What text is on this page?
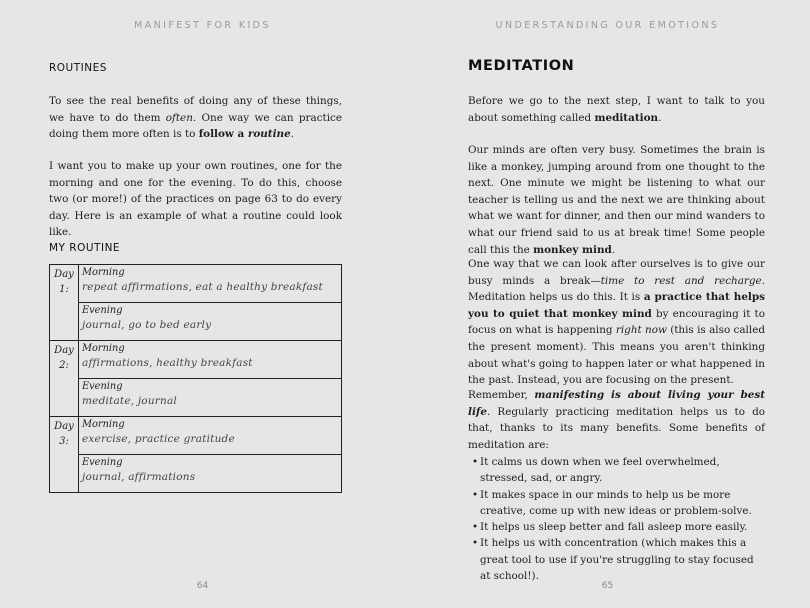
MANIFEST FOR KIDS
ROUTINES

To see the real benefits of doing any of these things, we have to do them often. One way we can practice doing them more often is to follow a routine.

I want you to make up your own routines, one for the morning and one for the evening. To do this, choose two (or more!) of the practices on page 63 to do every day. Here is an example of what a routine could look like.

MY ROUTINE
Day
1:
Morning
repeat affirmations, eat a healthy breakfast
Evening
journal, go to bed early
Day
2:
Morning
affirmations, healthy breakfast
Evening
meditate, journal
Day
3:
Morning
exercise, practice gratitude
Evening
journal, affirmations
64
UNDERSTANDING OUR EMOTIONS
MEDITATION

Before we go to the next step, I want to talk to you about something called meditation.

Our minds are often very busy. Sometimes the brain is like a monkey, jumping around from one thought to the next. One minute we might be listening to what our teacher is telling us and the next we are thinking about what we want for dinner, and then our mind wanders to what our friend said to us at break time! Some people call this the monkey mind.

One way that we can look after ourselves is to give our busy minds a break—time to rest and recharge. Meditation helps us do this. It is a practice that helps you to quiet that monkey mind by encouraging it to focus on what is happening right now (this is also called the present moment). This means you aren't thinking about what's going to happen later or what happened in the past. Instead, you are focusing on the present.

Remember, manifesting is about living your best life. Regularly practicing meditation helps us to do that, thanks to its many benefits. Some benefits of meditation are:

65
• It calms us down when we feel overwhelmed, stressed, sad, or angry.
• It makes space in our minds to help us be more creative, come up with new ideas or problem-solve.
• It helps us sleep better and fall asleep more easily.
• It helps us with concentration (which makes this a great tool to use if you're struggling to stay focused at school!).
